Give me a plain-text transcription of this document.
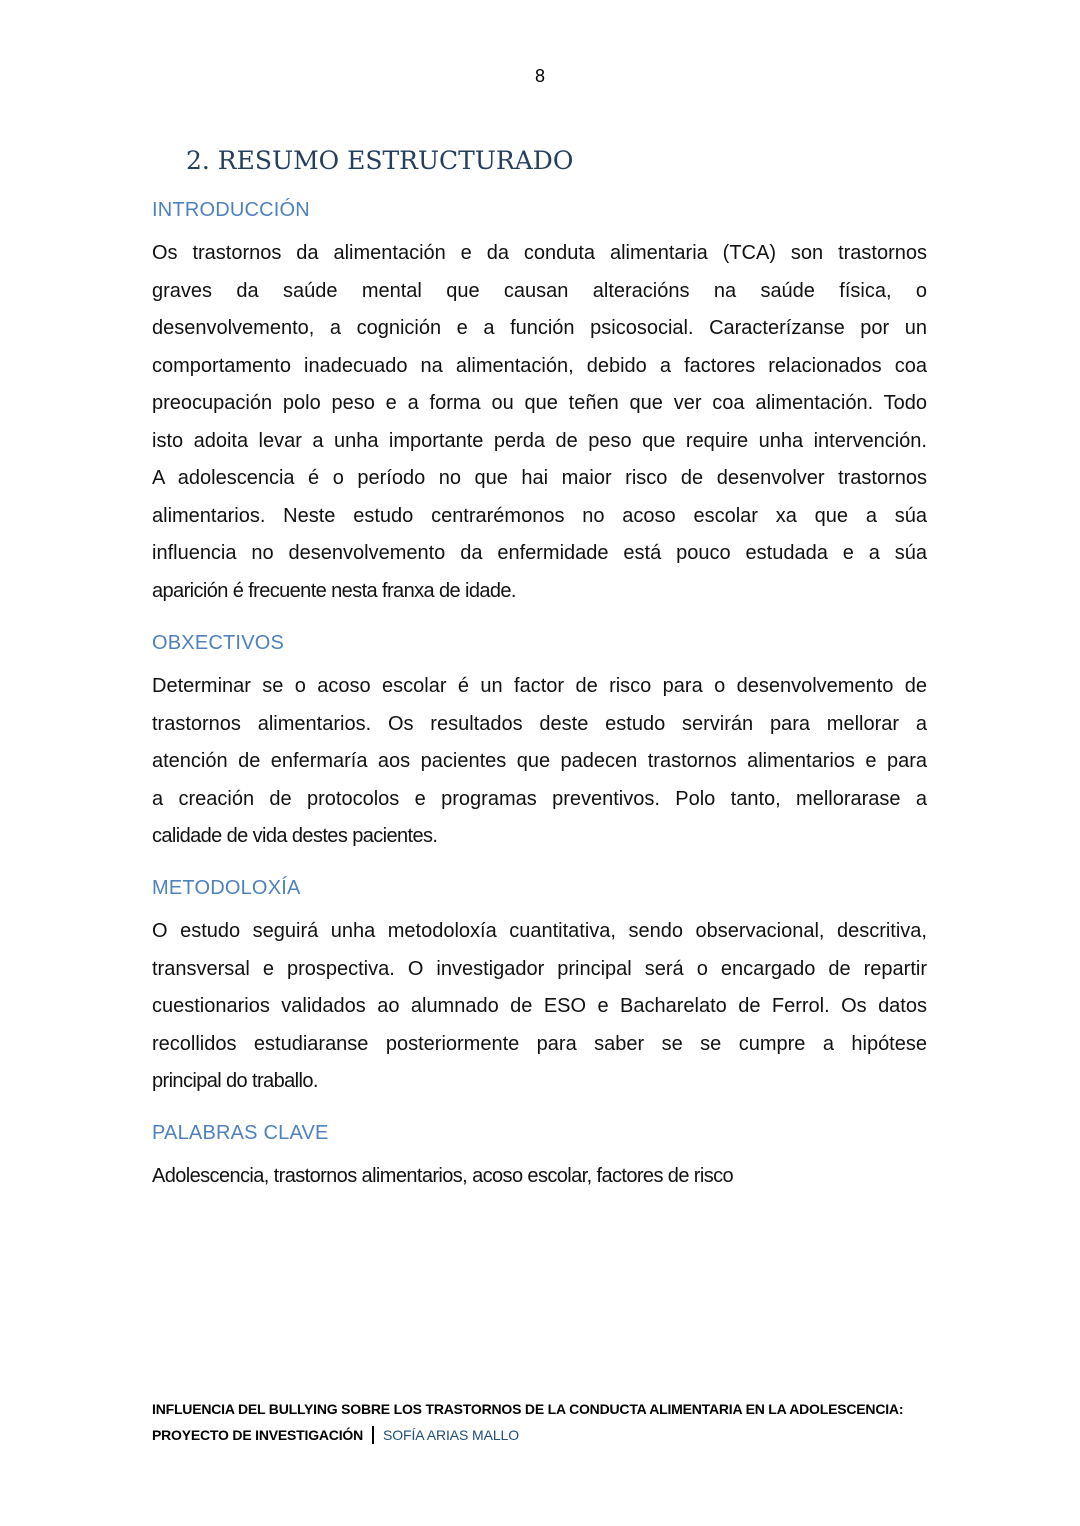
8
2. RESUMO ESTRUCTURADO
INTRODUCCIÓN
Os trastornos da alimentación e da conduta alimentaria (TCA) son trastornos
graves da saúde mental que causan alteracións na saúde física, o
desenvolvemento, a cognición e a función psicosocial. Caracterízanse por un
comportamento inadecuado na alimentación, debido a factores relacionados coa
preocupación polo peso e a forma ou que teñen que ver coa alimentación. Todo
isto adoita levar a unha importante perda de peso que require unha intervención.
A adolescencia é o período no que hai maior risco de desenvolver trastornos
alimentarios. Neste estudo centrarémonos no acoso escolar xa que a súa
influencia no desenvolvemento da enfermidade está pouco estudada e a súa
aparición é frecuente nesta franxa de idade.
OBXECTIVOS
Determinar se o acoso escolar é un factor de risco para o desenvolvemento de
trastornos alimentarios. Os resultados deste estudo servirán para mellorar a
atención de enfermaría aos pacientes que padecen trastornos alimentarios e para
a creación de protocolos e programas preventivos. Polo tanto, mellorarase a
calidade de vida destes pacientes.
METODOLOXÍA
O estudo seguirá unha metodoloxía cuantitativa, sendo observacional, descritiva,
transversal e prospectiva. O investigador principal será o encargado de repartir
cuestionarios validados ao alumnado de ESO e Bacharelato de Ferrol. Os datos
recollidos estudiaranse posteriormente para saber se se cumpre a hipótese
principal do traballo.
PALABRAS CLAVE
Adolescencia, trastornos alimentarios, acoso escolar, factores de risco
INFLUENCIA DEL BULLYING SOBRE LOS TRASTORNOS DE LA CONDUCTA ALIMENTARIA EN LA ADOLESCENCIA:
PROYECTO DE INVESTIGACIÓN SOFÍA ARIAS MALLO
